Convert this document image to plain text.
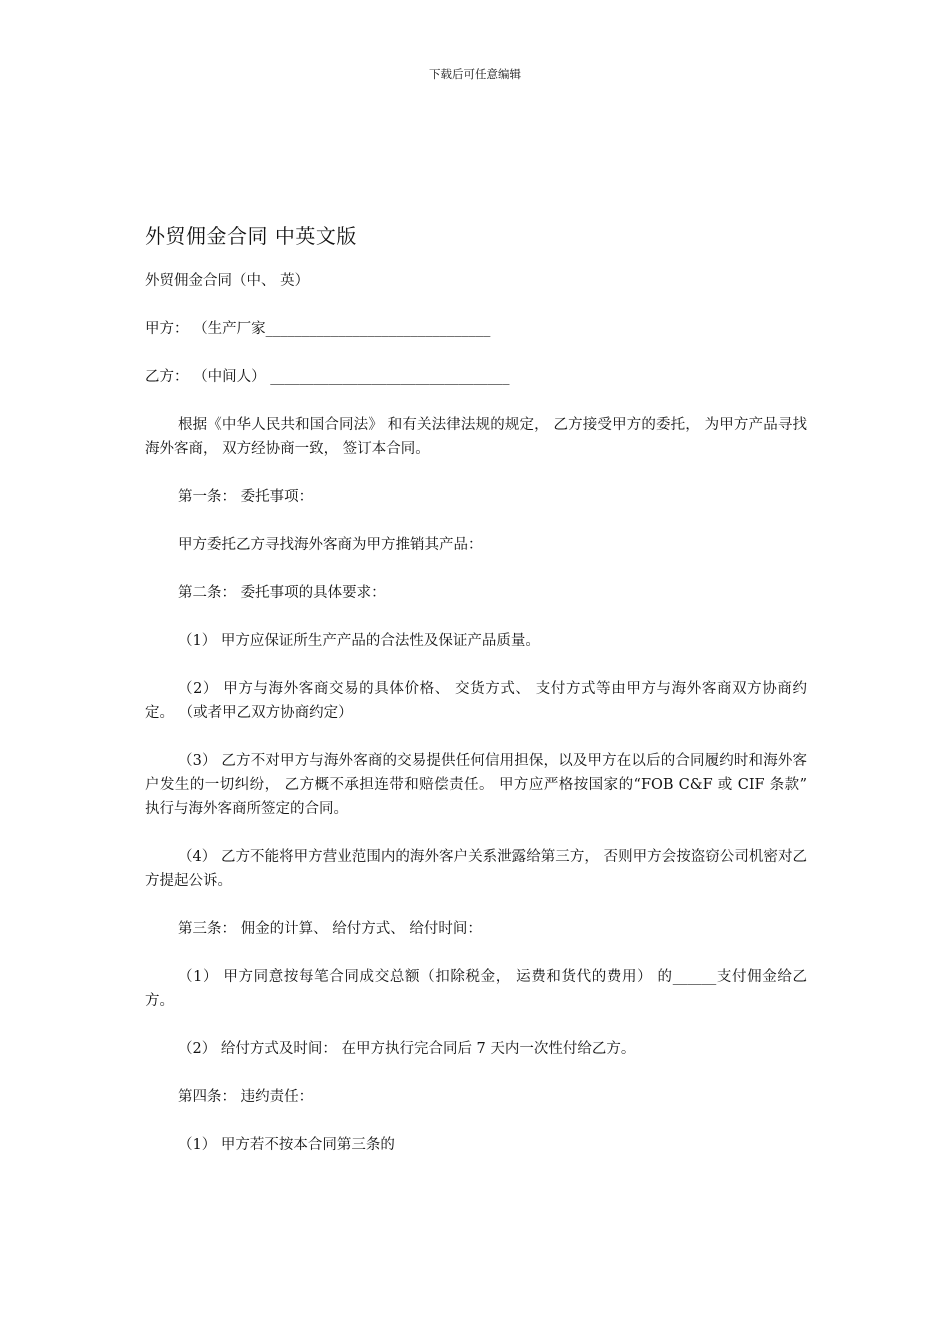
下载后可任意编辑
外贸佣金合同 中英文版

外贸佣金合同（中、 英）

甲方： （生产厂家_______________________________

乙方： （中间人） _________________________________

根据《中华人民共和国合同法》 和有关法律法规的规定， 乙方接受甲方的委托， 为甲方产品寻找海外客商， 双方经协商一致， 签订本合同。

第一条： 委托事项：

甲方委托乙方寻找海外客商为甲方推销其产品：

第二条： 委托事项的具体要求：

（1） 甲方应保证所生产产品的合法性及保证产品质量。

（2） 甲方与海外客商交易的具体价格、 交货方式、 支付方式等由甲方与海外客商双方协商约定。 （或者甲乙双方协商约定）

（3） 乙方不对甲方与海外客商的交易提供任何信用担保，以及甲方在以后的合同履约时和海外客户发生的一切纠纷， 乙方概不承担连带和赔偿责任。 甲方应严格按国家的“FOB C&F 或 CIF 条款” 执行与海外客商所签定的合同。

（4） 乙方不能将甲方营业范围内的海外客户关系泄露给第三方， 否则甲方会按盗窃公司机密对乙方提起公诉。

第三条： 佣金的计算、 给付方式、 给付时间：

（1） 甲方同意按每笔合同成交总额（扣除税金， 运费和货代的费用） 的______支付佣金给乙方。

（2） 给付方式及时间： 在甲方执行完合同后 7 天内一次性付给乙方。

第四条： 违约责任：

（1） 甲方若不按本合同第三条的
